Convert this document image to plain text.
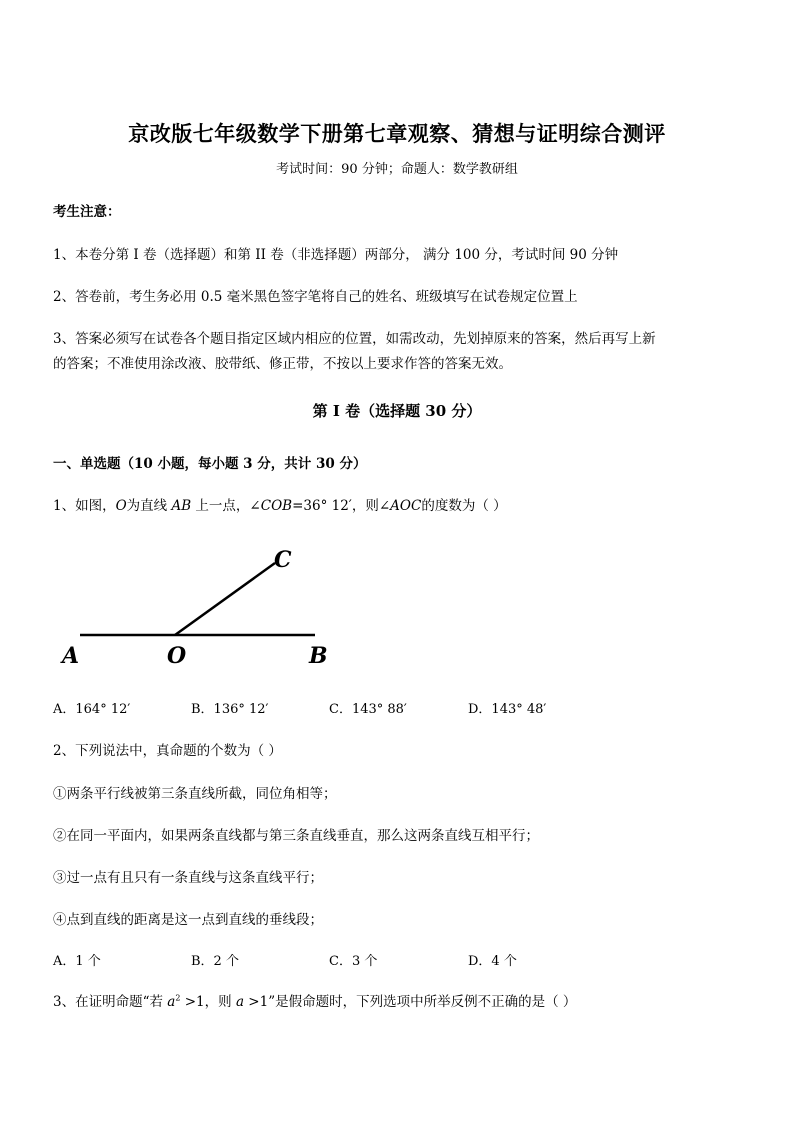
京改版七年级数学下册第七章观察、猜想与证明综合测评
考试时间：90 分钟；命题人：数学教研组
考生注意：
1、本卷分第 I 卷（选择题）和第 II 卷（非选择题）两部分， 满分 100 分，考试时间 90 分钟
2、答卷前，考生务必用 0.5 毫米黑色签字笔将自己的姓名、班级填写在试卷规定位置上
3、答案必须写在试卷各个题目指定区域内相应的位置，如需改动，先划掉原来的答案，然后再写上新
的答案；不准使用涂改液、胶带纸、修正带，不按以上要求作答的答案无效。
第 I 卷（选择题 30 分）
一、单选题（10 小题，每小题 3 分，共计 30 分）
1、如图，O为直线 AB 上一点，∠COB=36° 12′，则∠AOC的度数为（ ）
A	O	B
C
A．164° 12′	B．136° 12′	C．143° 88′	D．143° 48′
2、下列说法中，真命题的个数为（ ）
①两条平行线被第三条直线所截，同位角相等；
②在同一平面内，如果两条直线都与第三条直线垂直，那么这两条直线互相平行；
③过一点有且只有一条直线与这条直线平行；
④点到直线的距离是这一点到直线的垂线段；
A．1 个	B．2 个	C．3 个	D．4 个
3、在证明命题“若 $a^2 >1$，则 a >1”是假命题时，下列选项中所举反例不正确的是（ ）
